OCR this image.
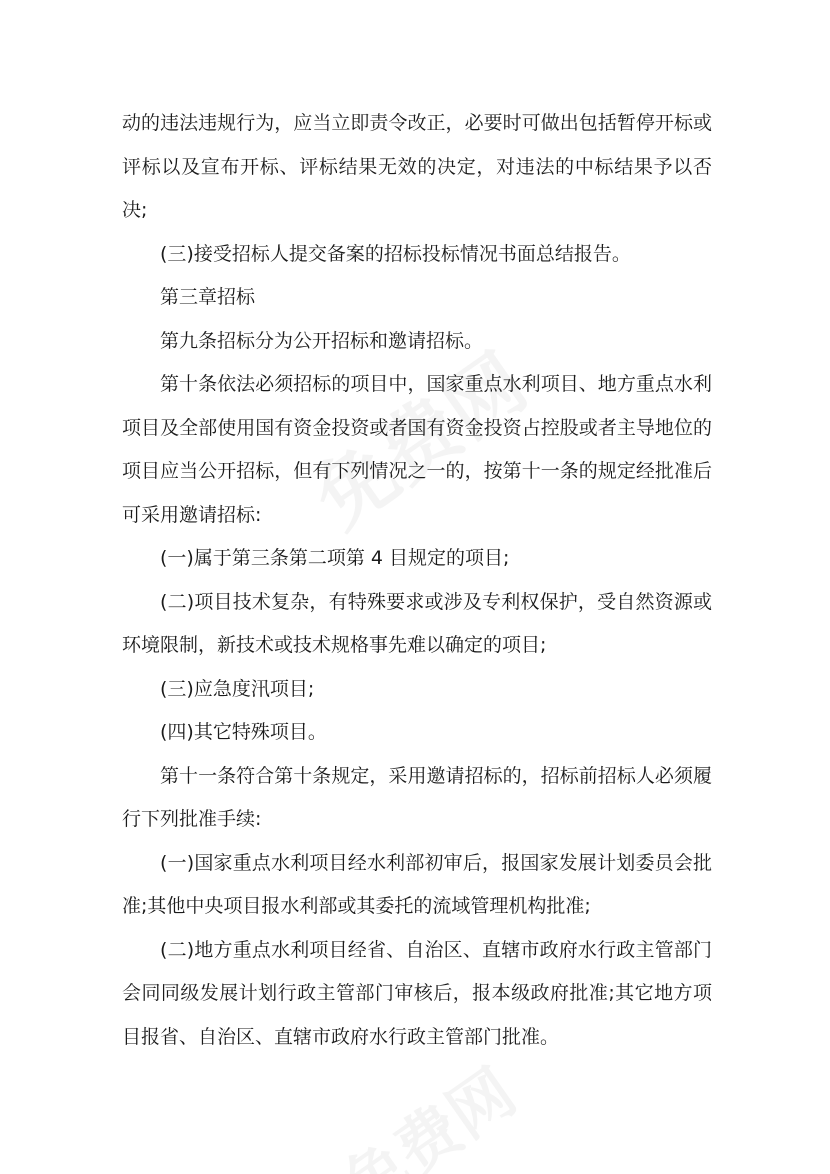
动的违法违规行为，应当立即责令改正，必要时可做出包括暂停开标或评标以及宣布开标、评标结果无效的决定，对违法的中标结果予以否决;

(三)接受招标人提交备案的招标投标情况书面总结报告。

第三章招标

第九条招标分为公开招标和邀请招标。

第十条依法必须招标的项目中，国家重点水利项目、地方重点水利项目及全部使用国有资金投资或者国有资金投资占控股或者主导地位的项目应当公开招标，但有下列情况之一的，按第十一条的规定经批准后可采用邀请招标:

(一)属于第三条第二项第 4 目规定的项目;

(二)项目技术复杂，有特殊要求或涉及专利权保护，受自然资源或环境限制，新技术或技术规格事先难以确定的项目;

(三)应急度汛项目;

(四)其它特殊项目。

第十一条符合第十条规定，采用邀请招标的，招标前招标人必须履行下列批准手续:

(一)国家重点水利项目经水利部初审后，报国家发展计划委员会批准;其他中央项目报水利部或其委托的流域管理机构批准;

(二)地方重点水利项目经省、自治区、直辖市政府水行政主管部门会同同级发展计划行政主管部门审核后，报本级政府批准;其它地方项目报省、自治区、直辖市政府水行政主管部门批准。
